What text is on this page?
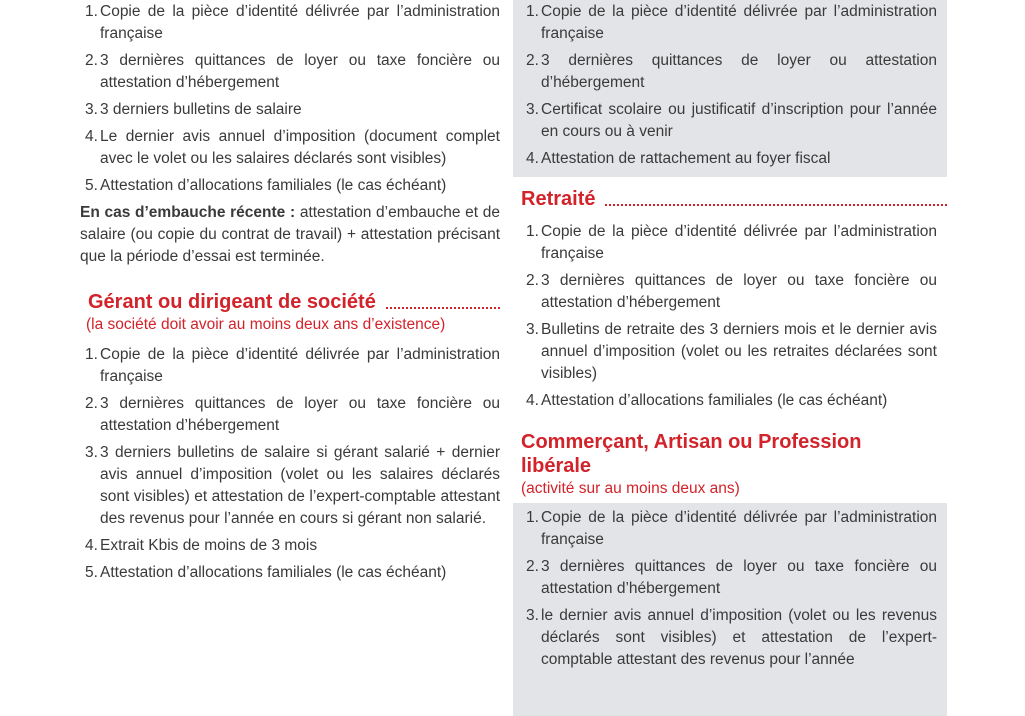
1. Copie de la pièce d’identité délivrée par l’administration française
2. 3 dernières quittances de loyer ou taxe foncière ou attestation d’hébergement
3. 3 derniers bulletins de salaire
4. Le dernier avis annuel d’imposition (document complet avec le volet ou les salaires déclarés sont visibles)
5. Attestation d’allocations familiales (le cas échéant)
En cas d’embauche récente : attestation d’embauche et de salaire (ou copie du contrat de travail) + attestation précisant que la période d’essai est terminée.
Gérant ou dirigeant de société
(la société doit avoir au moins deux ans d’existence)
1. Copie de la pièce d’identité délivrée par l’administration française
2. 3 dernières quittances de loyer ou taxe foncière ou attestation d’hébergement
3. 3 derniers bulletins de salaire si gérant salarié + dernier avis annuel d’imposition (volet ou les salaires déclarés sont visibles) et attestation de l’expert-comptable attestant des revenus pour l’année en cours si gérant non salarié.
4. Extrait Kbis de moins de 3 mois
5. Attestation d’allocations familiales (le cas échéant)
1. Copie de la pièce d’identité délivrée par l’administration française
2. 3 dernières quittances de loyer ou attestation d’hébergement
3. Certificat scolaire ou justificatif d’inscription pour l’année en cours ou à venir
4. Attestation de rattachement au foyer fiscal
Retraité
1. Copie de la pièce d’identité délivrée par l’administration française
2. 3 dernières quittances de loyer ou taxe foncière ou attestation d’hébergement
3. Bulletins de retraite des 3 derniers mois et le dernier avis annuel d’imposition (volet ou les retraites déclarées sont visibles)
4. Attestation d’allocations familiales (le cas échéant)
Commerçant, Artisan ou Profession libérale
(activité sur au moins deux ans)
1. Copie de la pièce d’identité délivrée par l’administration française
2. 3 dernières quittances de loyer ou taxe foncière ou attestation d’hébergement
3. le dernier avis annuel d’imposition (volet ou les revenus déclarés sont visibles) et attestation de l’expert-comptable attestant des revenus pour l’année
